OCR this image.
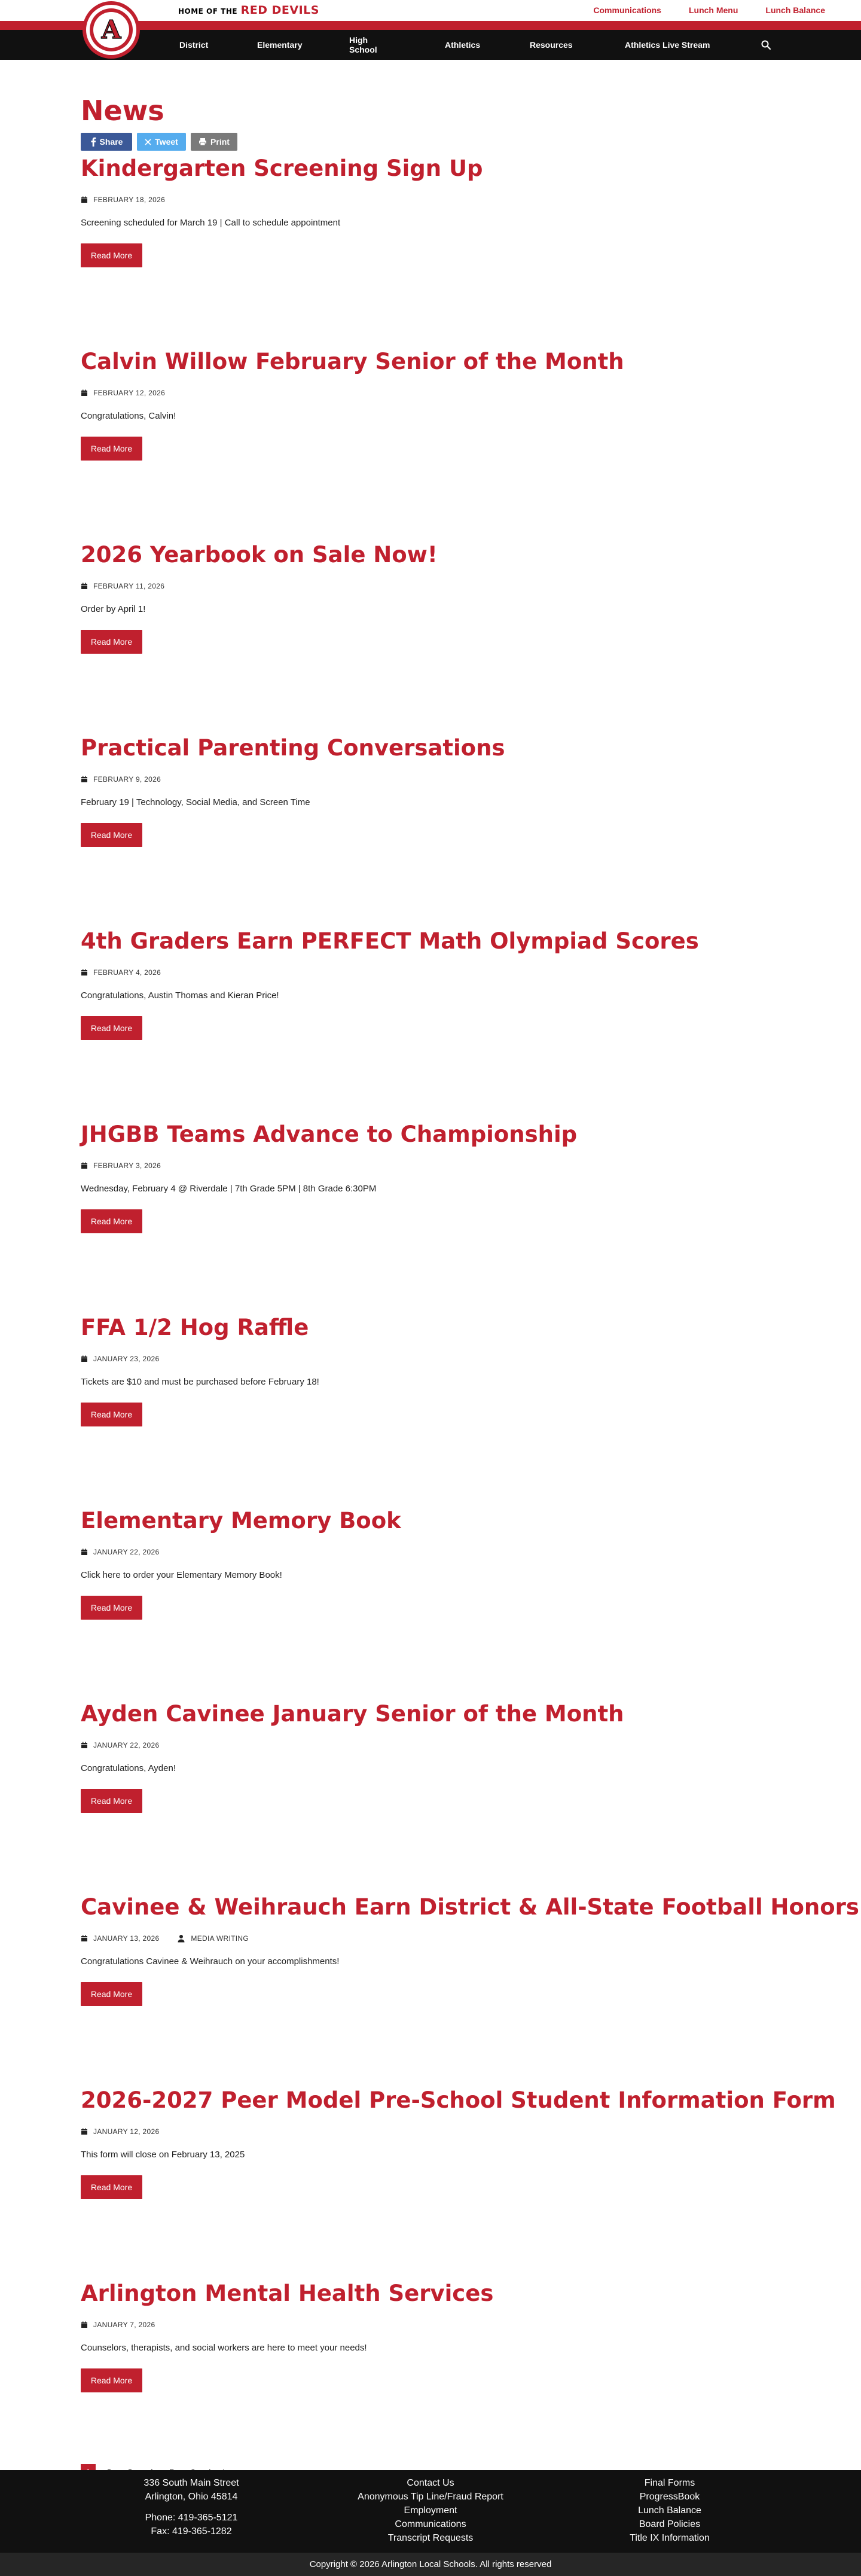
A
HOME OF THE RED DEVILS	Communications	Lunch Menu	Lunch Balance
District	Elementary	High School	Athletics	Resources	Athletics Live Stream
News
Share	Tweet	Print
Kindergarten Screening Sign Up
FEBRUARY 18, 2026

Screening scheduled for March 19 | Call to schedule appointment

Read More
Calvin Willow February Senior of the Month
FEBRUARY 12, 2026

Congratulations, Calvin!

Read More
2026 Yearbook on Sale Now!
FEBRUARY 11, 2026

Order by April 1!

Read More
Practical Parenting Conversations
FEBRUARY 9, 2026

February 19 | Technology, Social Media, and Screen Time

Read More
4th Graders Earn PERFECT Math Olympiad Scores
FEBRUARY 4, 2026

Congratulations, Austin Thomas and Kieran Price!

Read More
JHGBB Teams Advance to Championship
FEBRUARY 3, 2026

Wednesday, February 4 @ Riverdale | 7th Grade 5PM | 8th Grade 6:30PM

Read More
FFA 1/2 Hog Raffle
JANUARY 23, 2026

Tickets are $10 and must be purchased before February 18!

Read More
Elementary Memory Book
JANUARY 22, 2026

Click here to order your Elementary Memory Book!

Read More
Ayden Cavinee January Senior of the Month
JANUARY 22, 2026

Congratulations, Ayden!

Read More
Cavinee & Weihrauch Earn District & All-State Football Honors
JANUARY 13, 2026	MEDIA WRITING

Congratulations Cavinee & Weihrauch on your accomplishments!

Read More
2026-2027 Peer Model Pre-School Student Information Form
JANUARY 12, 2026

This form will close on February 13, 2025

Read More
Arlington Mental Health Services
JANUARY 7, 2026

Counselors, therapists, and social workers are here to meet your needs!

Read More
336 South Main Street
Arlington, Ohio 45814
Phone: 419-365-5121
Fax: 419-365-1282
Contact Us
Anonymous Tip Line/Fraud Report
Employment
Communications
Transcript Requests
Final Forms
ProgressBook
Lunch Balance
Board Policies
Title IX Information
Copyright © 2026 Arlington Local Schools. All rights reserved
